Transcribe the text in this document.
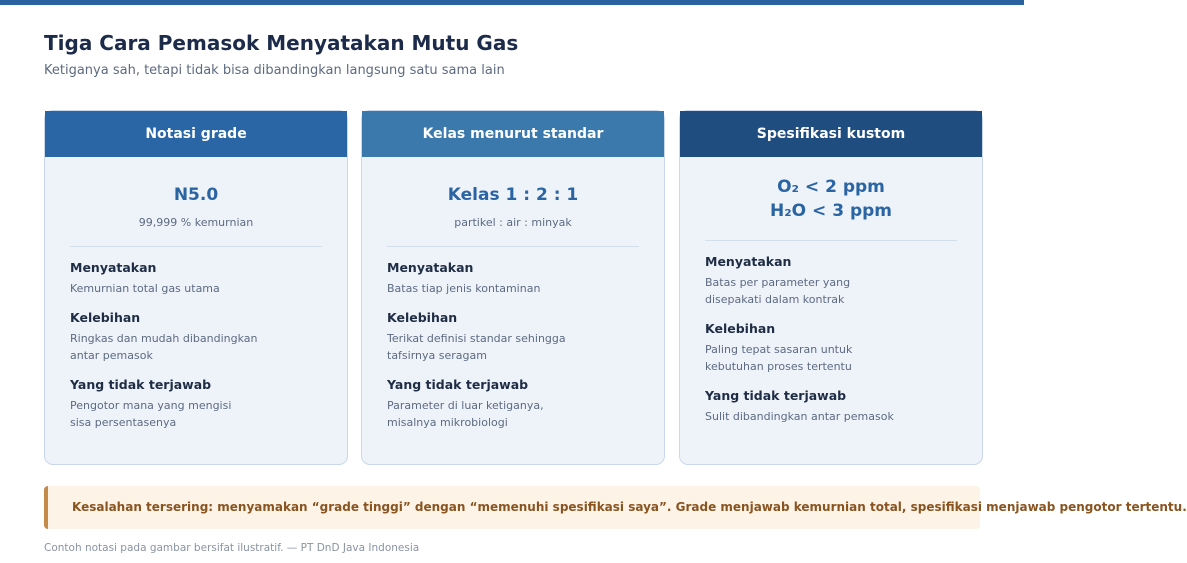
Tiga Cara Pemasok Menyatakan Mutu Gas
Ketiganya sah, tetapi tidak bisa dibandingkan langsung satu sama lain
Notasi grade
N5.0
99,999 % kemurnian
Menyatakan
Kemurnian total gas utama
Kelebihan
Ringkas dan mudah dibandingkan
antar pemasok
Yang tidak terjawab
Pengotor mana yang mengisi
sisa persentasenya
Kelas menurut standar
Kelas 1 : 2 : 1
partikel : air : minyak
Menyatakan
Batas tiap jenis kontaminan
Kelebihan
Terikat definisi standar sehingga
tafsirnya seragam
Yang tidak terjawab
Parameter di luar ketiganya,
misalnya mikrobiologi
Spesifikasi kustom
O₂ < 2 ppm
H₂O < 3 ppm
Menyatakan
Batas per parameter yang
disepakati dalam kontrak
Kelebihan
Paling tepat sasaran untuk
kebutuhan proses tertentu
Yang tidak terjawab
Sulit dibandingkan antar pemasok
Kesalahan tersering: menyamakan “grade tinggi” dengan “memenuhi spesifikasi saya”. Grade menjawab kemurnian total, spesifikasi menjawab pengotor tertentu.
Contoh notasi pada gambar bersifat ilustratif. — PT DnD Java Indonesia
